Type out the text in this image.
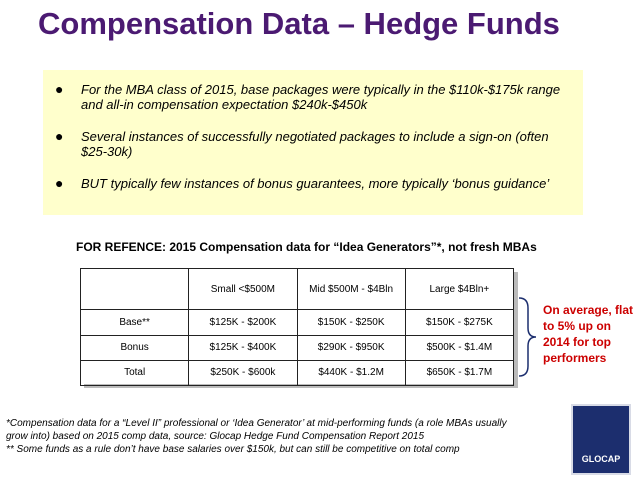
Compensation Data – Hedge Funds
●	For the MBA class of 2015, base packages were typically in the $110k-$175k range and all-in compensation expectation $240k-$450k
●	Several instances of successfully negotiated packages to include a sign-on (often $25-30k)
●	BUT typically few instances of bonus guarantees, more typically ‘bonus guidance’
FOR REFENCE: 2015 Compensation data for “Idea Generators”*, not fresh MBAs
	Small <$500M	Mid $500M - $4Bln	Large $4Bln+
Base**	$125K - $200K	$150K - $250K	$150K - $275K
Bonus	$125K - $400K	$290K - $950K	$500K - $1.4M
Total	$250K - $600k	$440K - $1.2M	$650K - $1.7M
On average, flat to 5% up on 2014 for top performers
*Compensation data for a “Level II” professional or ‘Idea Generator’ at mid-performing funds (a role MBAs usually
grow into) based on 2015 comp data, source: Glocap Hedge Fund Compensation Report 2015
** Some funds as a rule don’t have base salaries over $150k, but can still be competitive on total comp
GLOCAP
